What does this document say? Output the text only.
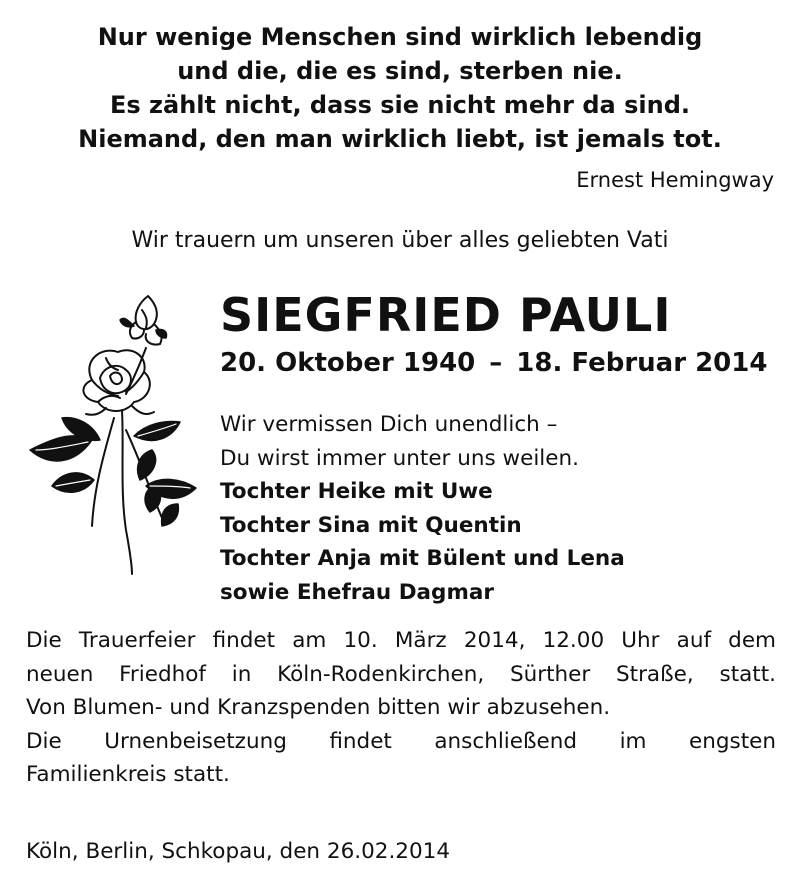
Nur wenige Menschen sind wirklich lebendig
und die, die es sind, sterben nie.
Es zählt nicht, dass sie nicht mehr da sind.
Niemand, den man wirklich liebt, ist jemals tot.
Ernest Hemingway
Wir trauern um unseren über alles geliebten Vati
SIEGFRIED PAULI
20. Oktober 1940 – 18. Februar 2014
Wir vermissen Dich unendlich –
Du wirst immer unter uns weilen.
Tochter Heike mit Uwe
Tochter Sina mit Quentin
Tochter Anja mit Bülent und Lena
sowie Ehefrau Dagmar
Die Trauerfeier findet am 10. März 2014, 12.00 Uhr auf dem
neuen Friedhof in Köln-Rodenkirchen, Sürther Straße, statt.
Von Blumen- und Kranzspenden bitten wir abzusehen.
Die Urnenbeisetzung findet anschließend im engsten
Familienkreis statt.
Köln, Berlin, Schkopau, den 26.02.2014
